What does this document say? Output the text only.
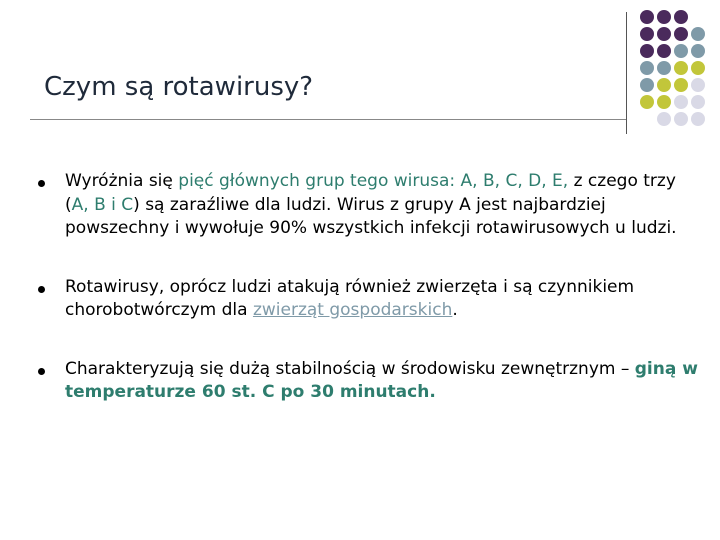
Czym są rotawirusy?
Wyróżnia się pięć głównych grup tego wirusa: A, B, C, D, E, z czego trzy (A, B i C) są zaraźliwe dla ludzi. Wirus z grupy A jest najbardziej powszechny i wywołuje 90% wszystkich infekcji rotawirusowych u ludzi.
Rotawirusy, oprócz ludzi atakują również zwierzęta i są czynnikiem chorobotwórczym dla zwierząt gospodarskich.
Charakteryzują się dużą stabilnością w środowisku zewnętrznym – giną w temperaturze 60 st. C po 30 minutach.
